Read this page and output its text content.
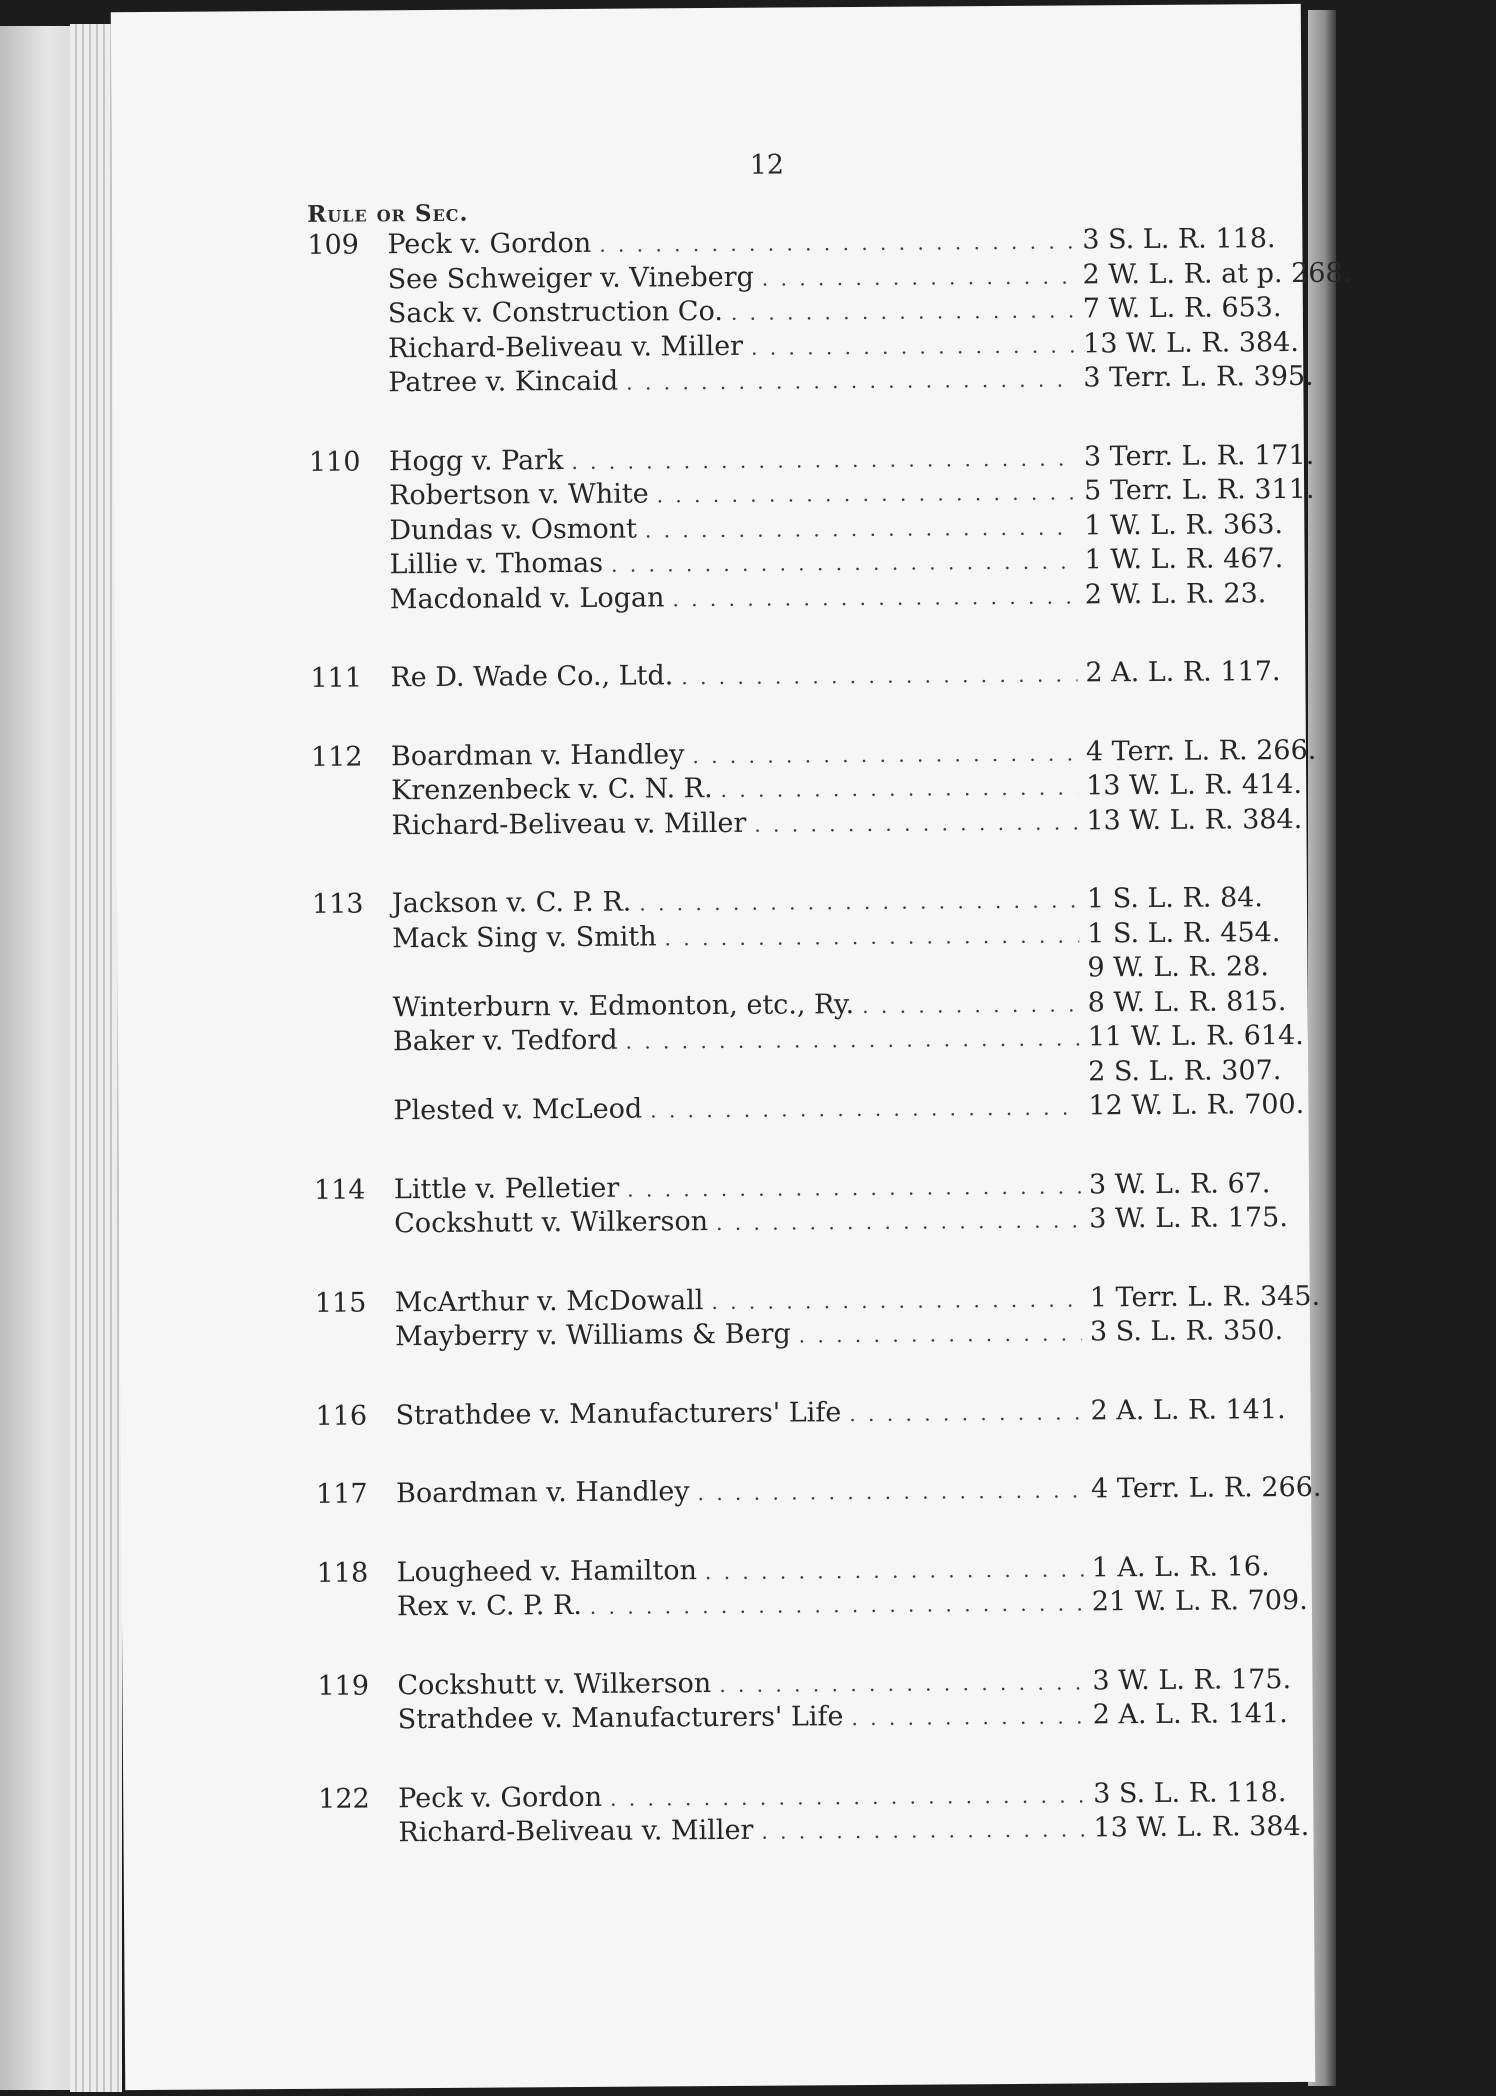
12
Rule or Sec.
109	Peck v. Gordon . . .	3 S. L. R. 118.
See Schweiger v. Vineberg . . .	2 W. L. R. at p. 268.
Sack v. Construction Co. . . .	7 W. L. R. 653.
Richard-Beliveau v. Miller . . .	13 W. L. R. 384.
Patree v. Kincaid . . .	3 Terr. L. R. 395.
110	Hogg v. Park . . .	3 Terr. L. R. 171.
Robertson v. White . . .	5 Terr. L. R. 311.
Dundas v. Osmont . . .	1 W. L. R. 363.
Lillie v. Thomas . . .	1 W. L. R. 467.
Macdonald v. Logan . . .	2 W. L. R. 23.
111	Re D. Wade Co., Ltd. . . .	2 A. L. R. 117.
112	Boardman v. Handley . . .	4 Terr. L. R. 266.
Krenzenbeck v. C. N. R. . . .	13 W. L. R. 414.
Richard-Beliveau v. Miller . . .	13 W. L. R. 384.
113	Jackson v. C. P. R. . . .	1 S. L. R. 84.
Mack Sing v. Smith . . .	1 S. L. R. 454.
9 W. L. R. 28.
Winterburn v. Edmonton, etc., Ry. . . .	8 W. L. R. 815.
Baker v. Tedford . . .	11 W. L. R. 614.
2 S. L. R. 307.
Plested v. McLeod . . .	12 W. L. R. 700.
114	Little v. Pelletier . . .	3 W. L. R. 67.
Cockshutt v. Wilkerson . . .	3 W. L. R. 175.
115	McArthur v. McDowall . . .	1 Terr. L. R. 345.
Mayberry v. Williams & Berg . . .	3 S. L. R. 350.
116	Strathdee v. Manufacturers' Life . . .	2 A. L. R. 141.
117	Boardman v. Handley . . .	4 Terr. L. R. 266.
118	Lougheed v. Hamilton . . .	1 A. L. R. 16.
Rex v. C. P. R. . . .	21 W. L. R. 709.
119	Cockshutt v. Wilkerson . . .	3 W. L. R. 175.
Strathdee v. Manufacturers' Life . . .	2 A. L. R. 141.
122	Peck v. Gordon . . .	3 S. L. R. 118.
Richard-Beliveau v. Miller . . .	13 W. L. R. 384.
